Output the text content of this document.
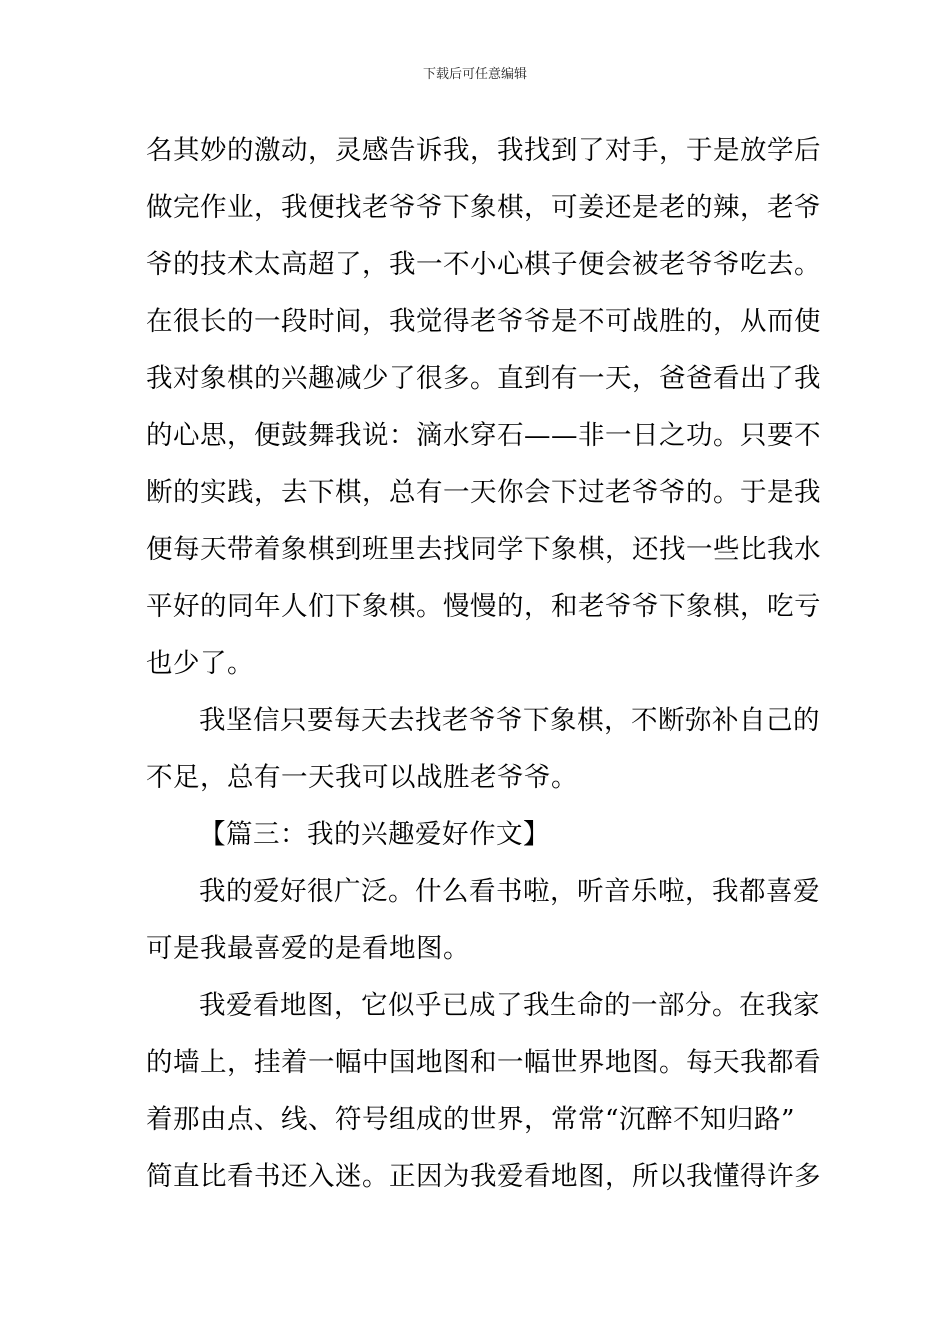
下载后可任意编辑

名其妙的激动，灵感告诉我，我找到了对手，于是放学后
做完作业，我便找老爷爷下象棋，可姜还是老的辣，老爷
爷的技术太高超了，我一不小心棋子便会被老爷爷吃去。
在很长的一段时间，我觉得老爷爷是不可战胜的，从而使
我对象棋的兴趣减少了很多。直到有一天，爸爸看出了我
的心思，便鼓舞我说：滴水穿石——非一日之功。只要不
断的实践，去下棋，总有一天你会下过老爷爷的。于是我
便每天带着象棋到班里去找同学下象棋，还找一些比我水
平好的同年人们下象棋。慢慢的，和老爷爷下象棋，吃亏
也少了。

我坚信只要每天去找老爷爷下象棋，不断弥补自己的
不足，总有一天我可以战胜老爷爷。

【篇三：我的兴趣爱好作文】

我的爱好很广泛。什么看书啦，听音乐啦，我都喜爱
可是我最喜爱的是看地图。

我爱看地图，它似乎已成了我生命的一部分。在我家
的墙上，挂着一幅中国地图和一幅世界地图。每天我都看
着那由点、线、符号组成的世界，常常“沉醉不知归路”
简直比看书还入迷。正因为我爱看地图，所以我懂得许多
